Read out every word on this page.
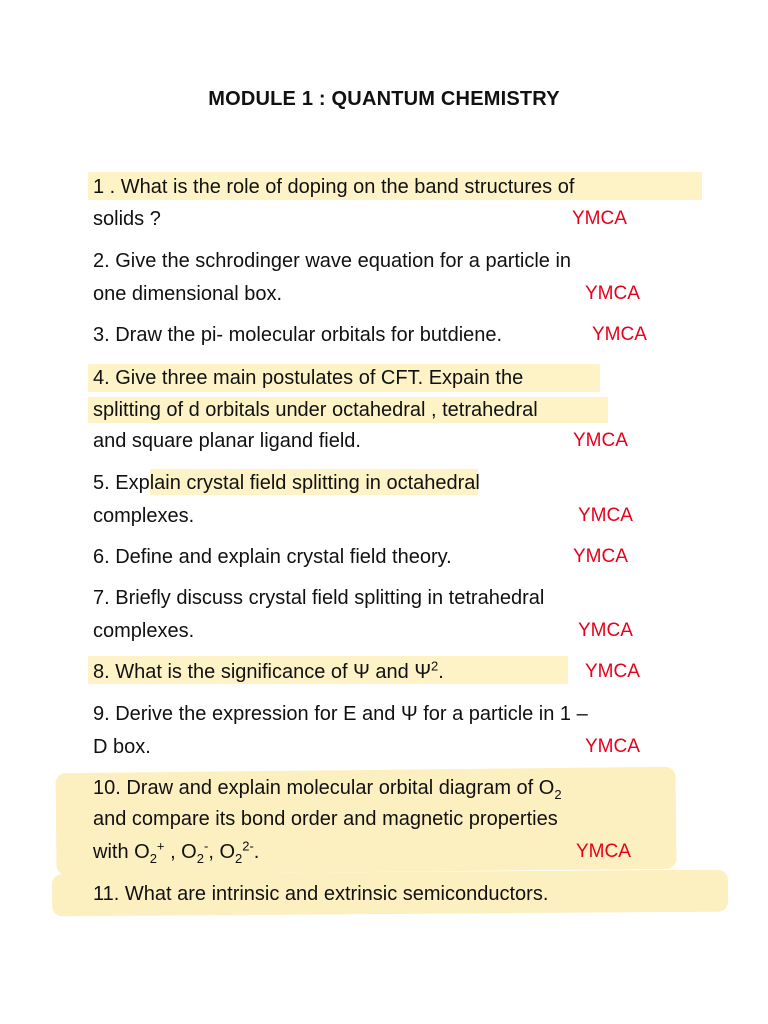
MODULE 1 : QUANTUM CHEMISTRY
1 . What is the role of doping on the band structures of
solids ?	YMCA
2. Give the schrodinger wave equation for a particle in
one dimensional box.	YMCA
3. Draw the pi- molecular orbitals for butdiene.	YMCA
4. Give three main postulates of CFT. Expain the
splitting of d orbitals under octahedral , tetrahedral
and square planar ligand field.	YMCA
5. Explain crystal field splitting in octahedral
complexes.	YMCA
6. Define and explain crystal field theory.	YMCA
7. Briefly discuss crystal field splitting in tetrahedral
complexes.	YMCA
8. What is the significance of Ψ and $\Psi^2$.	YMCA
9. Derive the expression for E and Ψ for a particle in 1 –
D box.	YMCA
10. Draw and explain molecular orbital diagram of $O_2$
and compare its bond order and magnetic properties
with $O_2^+$ , $O_2^-$, $O_2^{2-}$.	YMCA
11. What are intrinsic and extrinsic semiconductors.
